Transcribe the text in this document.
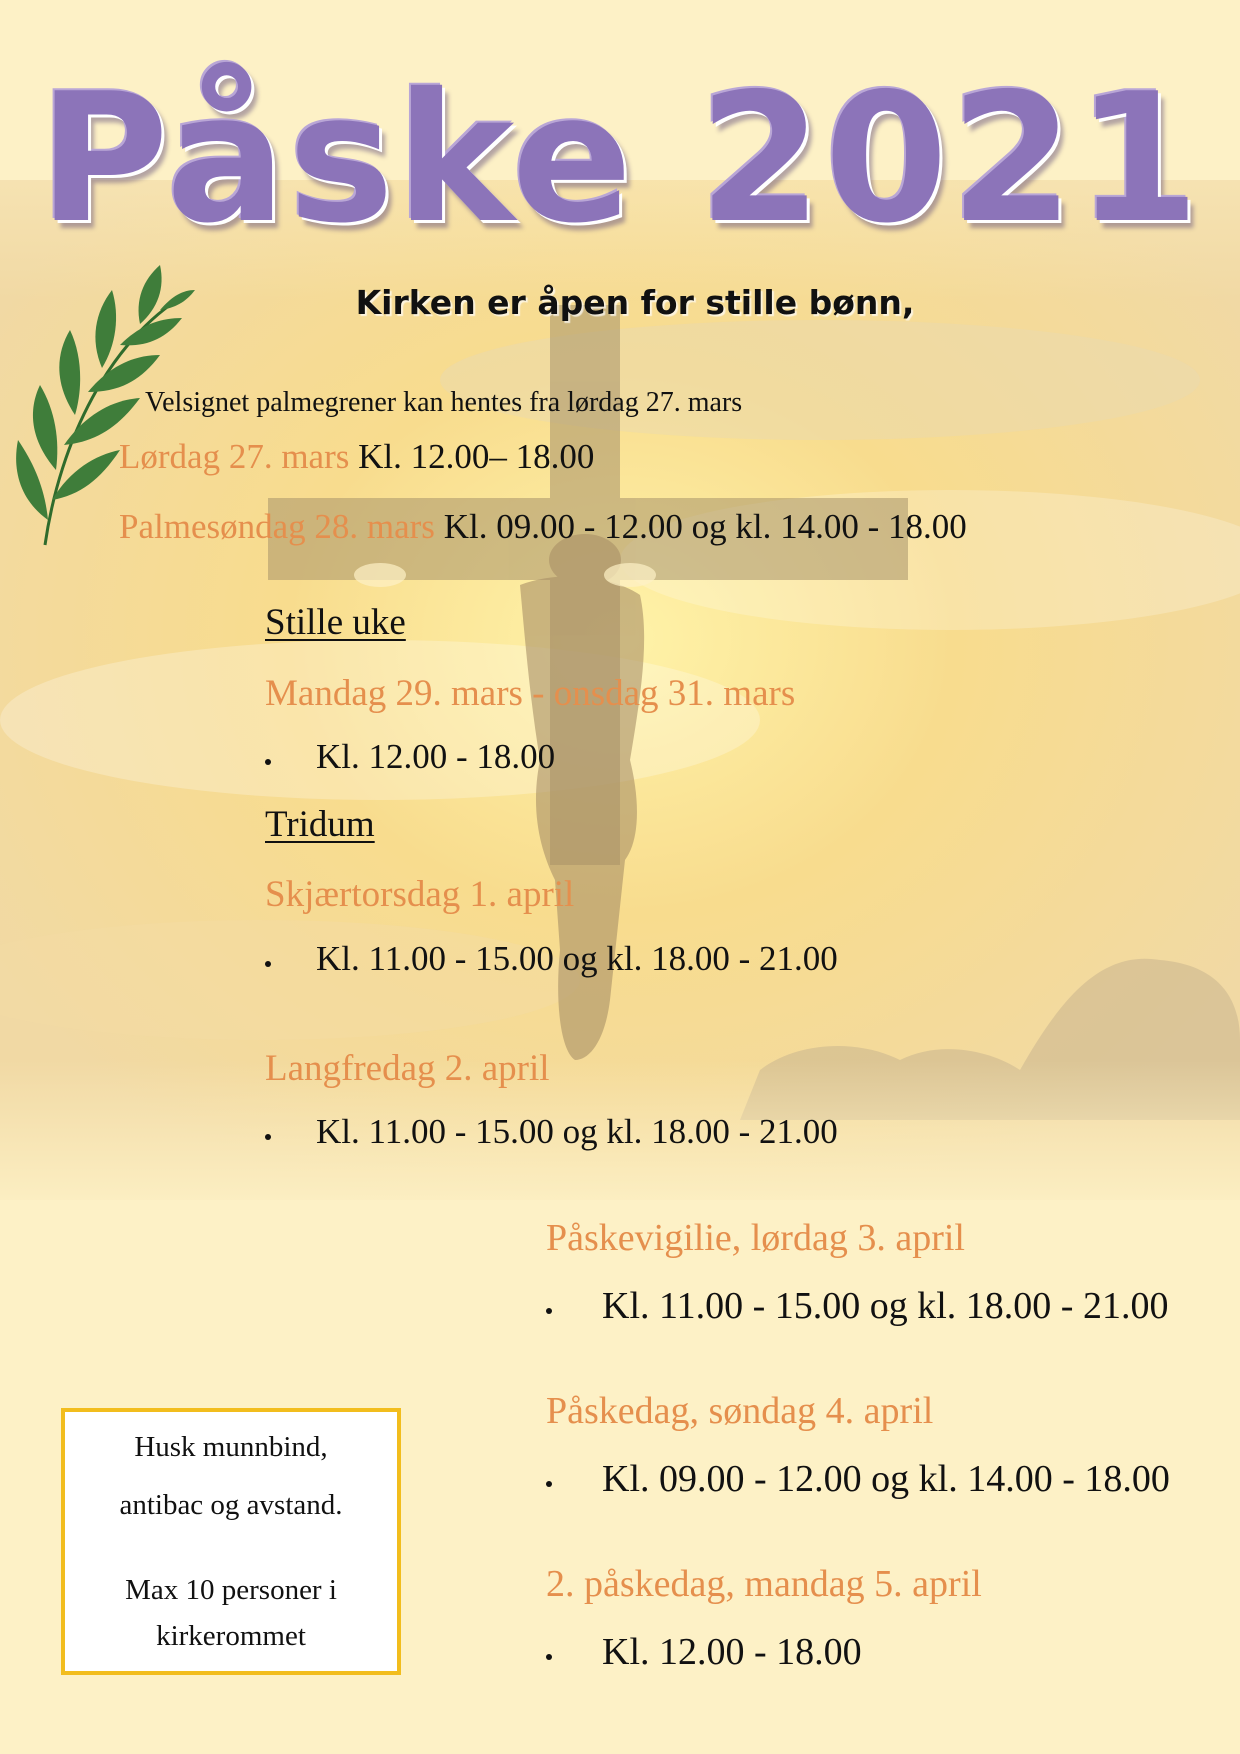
Påske 2021
Kirken er åpen for stille bønn,
Velsignet palmegrener kan hentes fra lørdag 27. mars
Lørdag 27. mars Kl. 12.00– 18.00
Palmesøndag 28. mars Kl. 09.00 - 12.00 og kl. 14.00 - 18.00
Stille uke
Mandag 29. mars - onsdag 31. mars
Kl. 12.00 - 18.00
Tridum
Skjærtorsdag 1. april
Kl. 11.00 - 15.00 og kl. 18.00 - 21.00
Langfredag 2. april
Kl. 11.00 - 15.00 og kl. 18.00 - 21.00
Påskevigilie, lørdag 3. april
Kl. 11.00 - 15.00 og kl. 18.00 - 21.00
Påskedag, søndag 4. april
Kl. 09.00 - 12.00 og kl. 14.00 - 18.00
2. påskedag, mandag 5. april
Kl. 12.00 - 18.00

Husk munnbind,

antibac og avstand.

Max 10 personer i

kirkerommet
